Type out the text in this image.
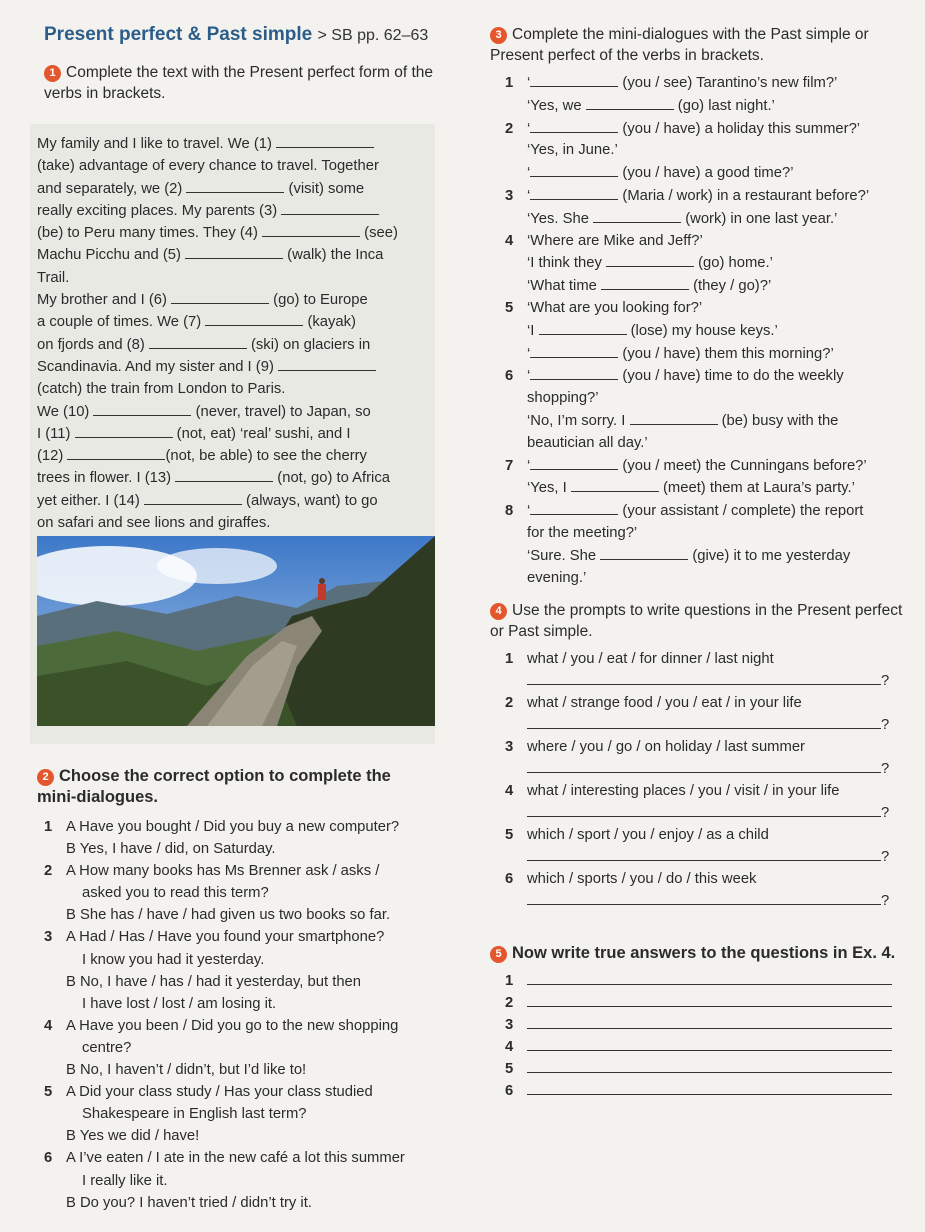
Present perfect & Past simple > SB pp. 62–63
1 Complete the text with the Present perfect form of the verbs in brackets.
My family and I like to travel. We (1)
(take) advantage of every chance to travel. Together
and separately, we (2)	(visit) some
really exciting places. My parents (3)
(be) to Peru many times. They (4)	(see)
Machu Picchu and (5)	(walk) the Inca
Trail.
My brother and I (6)	(go) to Europe
a couple of times. We (7)	(kayak)
on fjords and (8)	(ski) on glaciers in
Scandinavia. And my sister and I (9)
(catch) the train from London to Paris.
We (10)	(never, travel) to Japan, so
I (11)	(not, eat) ‘real’ sushi, and I
(12)	(not, be able) to see the cherry
trees in flower. I (13)	(not, go) to Africa
yet either. I (14)	(always, want) to go
on safari and see lions and giraffes.
2 Choose the correct option to complete the mini-dialogues.
1 A Have you bought / Did you buy a new computer?
B Yes, I have / did, on Saturday.
2 A How many books has Ms Brenner ask / asks /
asked you to read this term?
B She has / have / had given us two books so far.
3 A Had / Has / Have you found your smartphone?
I know you had it yesterday.
B No, I have / has / had it yesterday, but then
I have lost / lost / am losing it.
4 A Have you been / Did you go to the new shopping
centre?
B No, I haven’t / didn’t, but I’d like to!
5 A Did your class study / Has your class studied
Shakespeare in English last term?
B Yes we did / have!
6 A I’ve eaten / I ate in the new café a lot this summer
I really like it.
B Do you? I haven’t tried / didn’t try it.
3 Complete the mini-dialogues with the Past simple or Present perfect of the verbs in brackets.
1 ‘	(you / see) Tarantino’s new film?’
‘Yes, we	(go) last night.’
2 ‘	(you / have) a holiday this summer?’
‘Yes, in June.’
‘	(you / have) a good time?’
3 ‘	(Maria / work) in a restaurant before?’
‘Yes. She	(work) in one last year.’
4 ‘Where are Mike and Jeff?’
‘I think they	(go) home.’
‘What time	(they / go)?’
5 ‘What are you looking for?’
‘I	(lose) my house keys.’
‘	(you / have) them this morning?’
6 ‘	(you / have) time to do the weekly
shopping?’
‘No, I’m sorry. I	(be) busy with the
beautician all day.’
7 ‘	(you / meet) the Cunningans before?’
‘Yes, I	(meet) them at Laura’s party.’
8 ‘	(your assistant / complete) the report
for the meeting?’
‘Sure. She	(give) it to me yesterday
evening.’
4 Use the prompts to write questions in the Present perfect or Past simple.
1 what / you / eat / for dinner / last night
?
2 what / strange food / you / eat / in your life
?
3 where / you / go / on holiday / last summer
?
4 what / interesting places / you / visit / in your life
?
5 which / sport / you / enjoy / as a child
?
6 which / sports / you / do / this week
?
5 Now write true answers to the questions in Ex. 4.
1
2
3
4
5
6
